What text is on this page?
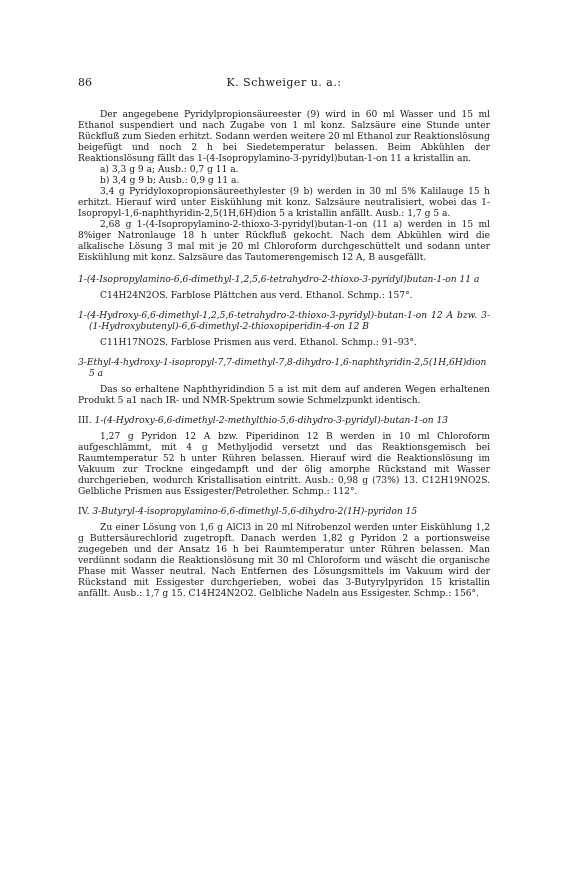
86	K. Schweiger u. a.:

Der angegebene Pyridylpropionsäureester (9) wird in 60 ml Wasser und 15 ml Ethanol suspendiert und nach Zugabe von 1 ml konz. Salzsäure eine Stunde unter Rückfluß zum Sieden erhitzt. Sodann werden weitere 20 ml Ethanol zur Reaktionslösung beigefügt und noch 2 h bei Siedetemperatur belassen. Beim Abkühlen der Reaktionslösung fällt das 1-(4-Isopropylamino-3-pyridyl)butan-1-on 11 a kristallin an.

a) 3,3 g 9 a; Ausb.: 0,7 g 11 a.

b) 3,4 g 9 b; Ausb.: 0,9 g 11 a.

3,4 g Pyridyloxopropionsäureethylester (9 b) werden in 30 ml 5% Kalilauge 15 h erhitzt. Hierauf wird unter Eiskühlung mit konz. Salzsäure neutralisiert, wobei das 1-Isopropyl-1,6-naphthyridin-2,5(1H,6H)dion 5 a kristallin anfällt. Ausb.: 1,7 g 5 a.

2,68 g 1-(4-Isopropylamino-2-thioxo-3-pyridyl)butan-1-on (11 a) werden in 15 ml 8%iger Natronlauge 18 h unter Rückfluß gekocht. Nach dem Abkühlen wird die alkalische Lösung 3 mal mit je 20 ml Chloroform durchgeschüttelt und sodann unter Eiskühlung mit konz. Salzsäure das Tautomerengemisch 12 A, B ausgefällt.

1-(4-Isopropylamino-6,6-dimethyl-1,2,5,6-tetrahydro-2-thioxo-3-pyridyl)butan-1-on 11 a

C14H24N2OS. Farblose Plättchen aus verd. Ethanol. Schmp.: 157°.

1-(4-Hydroxy-6,6-dimethyl-1,2,5,6-tetrahydro-2-thioxo-3-pyridyl)-butan-1-on 12 A bzw. 3-(1-Hydroxybutenyl)-6,6-dimethyl-2-thioxopiperidin-4-on 12 B

C11H17NO2S. Farblose Prismen aus verd. Ethanol. Schmp.: 91–93°.

3-Ethyl-4-hydroxy-1-isopropyl-7,7-dimethyl-7,8-dihydro-1,6-naphthyridin-2,5(1H,6H)dion 5 a

Das so erhaltene Naphthyridindion 5 a ist mit dem auf anderen Wegen erhaltenen Produkt 5 a1 nach IR- und NMR-Spektrum sowie Schmelzpunkt identisch.

III. 1-(4-Hydroxy-6,6-dimethyl-2-methylthio-5,6-dihydro-3-pyridyl)-butan-1-on 13

1,27 g Pyridon 12 A bzw. Piperidinon 12 B werden in 10 ml Chloroform aufgeschlämmt, mit 4 g Methyljodid versetzt und das Reaktionsgemisch bei Raumtemperatur 52 h unter Rühren belassen. Hierauf wird die Reaktionslösung im Vakuum zur Trockne eingedampft und der ölig amorphe Rückstand mit Wasser durchgerieben, wodurch Kristallisation eintritt. Ausb.: 0,98 g (73%) 13. C12H19NO2S. Gelbliche Prismen aus Essigester/Petrolether. Schmp.: 112°.

IV. 3-Butyryl-4-isopropylamino-6,6-dimethyl-5,6-dihydro-2(1H)-pyridon 15

Zu einer Lösung von 1,6 g AlCl3 in 20 ml Nitrobenzol werden unter Eiskühlung 1,2 g Buttersäurechlorid zugetropft. Danach werden 1,82 g Pyridon 2 a portionsweise zugegeben und der Ansatz 16 h bei Raumtemperatur unter Rühren belassen. Man verdünnt sodann die Reaktionslösung mit 30 ml Chloroform und wäscht die organische Phase mit Wasser neutral. Nach Entfernen des Lösungsmittels im Vakuum wird der Rückstand mit Essigester durchgerieben, wobei das 3-Butyrylpyridon 15 kristallin anfällt. Ausb.: 1,7 g 15. C14H24N2O2. Gelbliche Nadeln aus Essigester. Schmp.: 156°.
